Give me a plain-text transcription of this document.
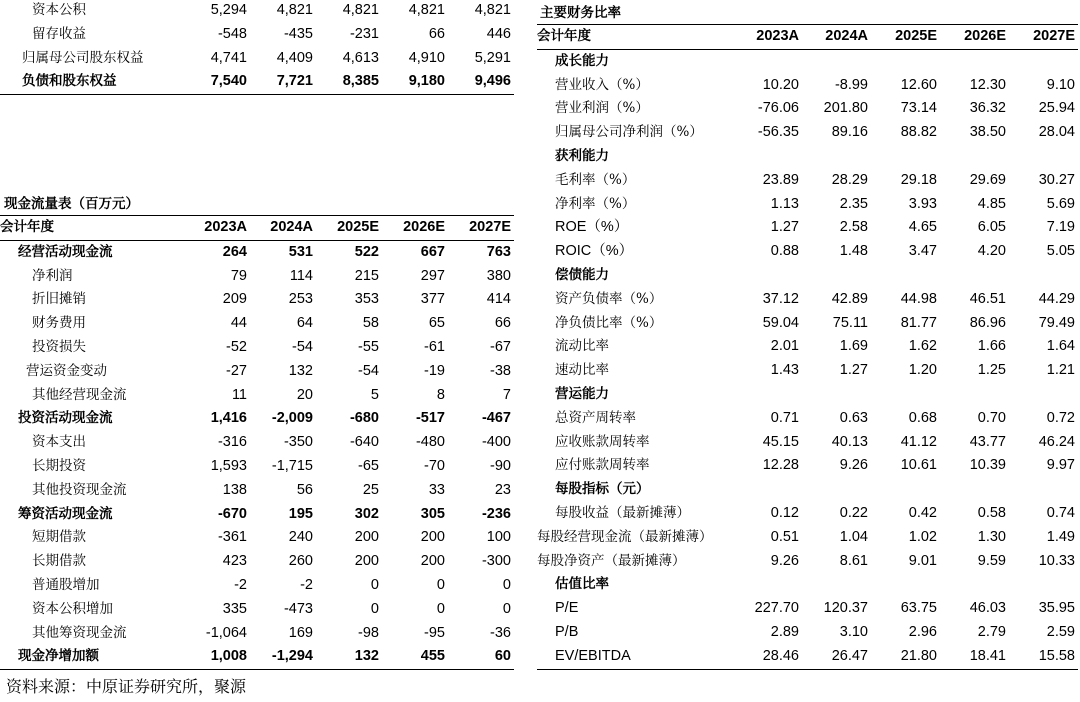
资本公积	5,294	4,821	4,821	4,821	4,821
留存收益	-548	-435	-231	66	446
归属母公司股东权益	4,741	4,409	4,613	4,910	5,291
负债和股东权益	7,540	7,721	8,385	9,180	9,496
现金流量表（百万元）
会计年度	2023A	2024A	2025E	2026E	2027E
经营活动现金流	264	531	522	667	763
净利润	79	114	215	297	380
折旧摊销	209	253	353	377	414
财务费用	44	64	58	65	66
投资损失	-52	-54	-55	-61	-67
营运资金变动	-27	132	-54	-19	-38
其他经营现金流	11	20	5	8	7
投资活动现金流	1,416	-2,009	-680	-517	-467
资本支出	-316	-350	-640	-480	-400
长期投资	1,593	-1,715	-65	-70	-90
其他投资现金流	138	56	25	33	23
筹资活动现金流	-670	195	302	305	-236
短期借款	-361	240	200	200	100
长期借款	423	260	200	200	-300
普通股增加	-2	-2	0	0	0
资本公积增加	335	-473	0	0	0
其他筹资现金流	-1,064	169	-98	-95	-36
现金净增加额	1,008	-1,294	132	455	60
主要财务比率
会计年度	2023A	2024A	2025E	2026E	2027E
成长能力					
营业收入（%）	10.20	-8.99	12.60	12.30	9.10
营业利润（%）	-76.06	201.80	73.14	36.32	25.94
归属母公司净利润（%）	-56.35	89.16	88.82	38.50	28.04
获利能力					
毛利率（%）	23.89	28.29	29.18	29.69	30.27
净利率（%）	1.13	2.35	3.93	4.85	5.69
ROE（%）	1.27	2.58	4.65	6.05	7.19
ROIC（%）	0.88	1.48	3.47	4.20	5.05
偿债能力					
资产负债率（%）	37.12	42.89	44.98	46.51	44.29
净负债比率（%）	59.04	75.11	81.77	86.96	79.49
流动比率	2.01	1.69	1.62	1.66	1.64
速动比率	1.43	1.27	1.20	1.25	1.21
营运能力					
总资产周转率	0.71	0.63	0.68	0.70	0.72
应收账款周转率	45.15	40.13	41.12	43.77	46.24
应付账款周转率	12.28	9.26	10.61	10.39	9.97
每股指标（元）					
每股收益（最新摊薄）	0.12	0.22	0.42	0.58	0.74
每股经营现金流（最新摊薄）	0.51	1.04	1.02	1.30	1.49
每股净资产（最新摊薄）	9.26	8.61	9.01	9.59	10.33
估值比率					
P/E	227.70	120.37	63.75	46.03	35.95
P/B	2.89	3.10	2.96	2.79	2.59
EV/EBITDA	28.46	26.47	21.80	18.41	15.58
资料来源：中原证券研究所，聚源
